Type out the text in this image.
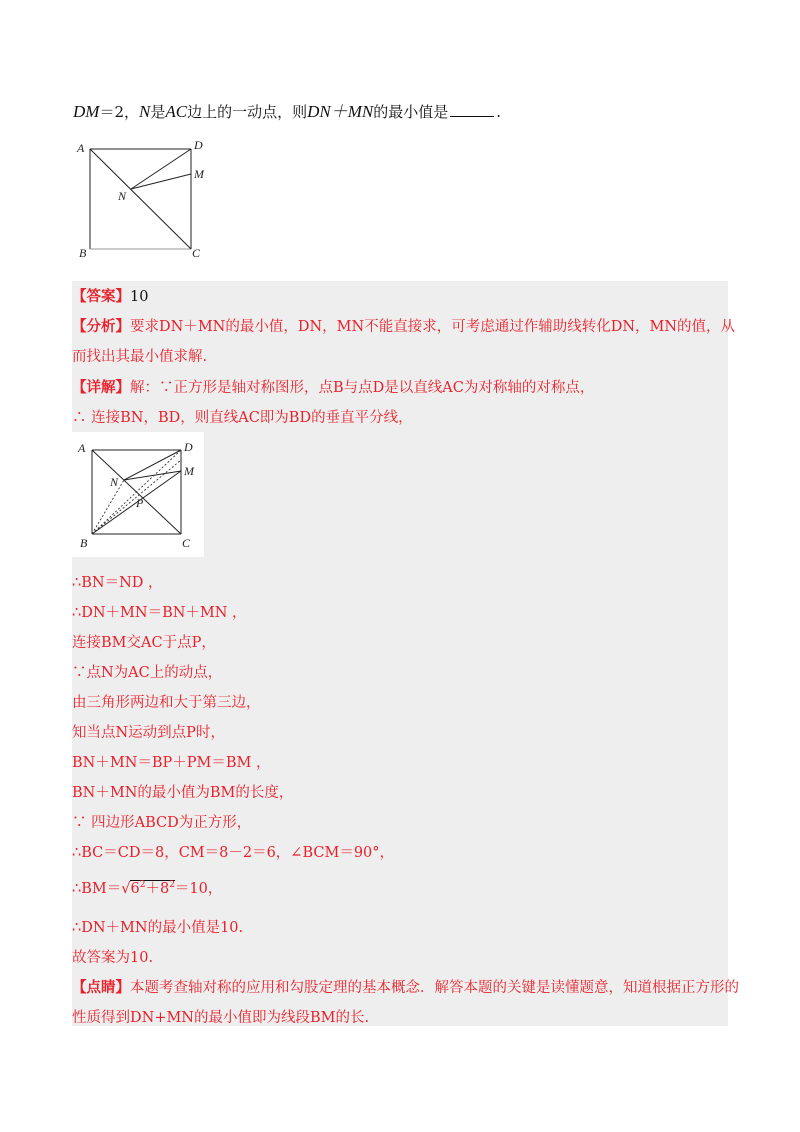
DM＝2，N是AC边上的一动点，则DN＋MN的最小值是	.
A	D
M
N
B	C
【答案】10
【分析】要求DN＋MN的最小值，DN，MN不能直接求，可考虑通过作辅助线转化DN，MN的值，从
而找出其最小值求解.
【详解】解：∵正方形是轴对称图形，点B与点D是以直线AC为对称轴的对称点，
∴ 连接BN，BD，则直线AC即为BD的垂直平分线，
A	D
M
N
P
B	C
∴BN＝ND ，
∴DN＋MN＝BN＋MN ，
连接BM交AC于点P，
∵点N为AC上的动点，
由三角形两边和大于第三边，
知当点N运动到点P时，
BN＋MN＝BP＋PM＝BM ，
BN＋MN的最小值为BM的长度，
∵ 四边形ABCD为正方形，
∴BC＝CD＝8，CM＝8－2＝6，∠BCM＝90°，
$\therefore BM=√6^2+8^2=10$，
∴DN＋MN的最小值是10.
故答案为10.
【点睛】本题考查轴对称的应用和勾股定理的基本概念．解答本题的关键是读懂题意，知道根据正方形的
性质得到DN+MN的最小值即为线段BM的长.
